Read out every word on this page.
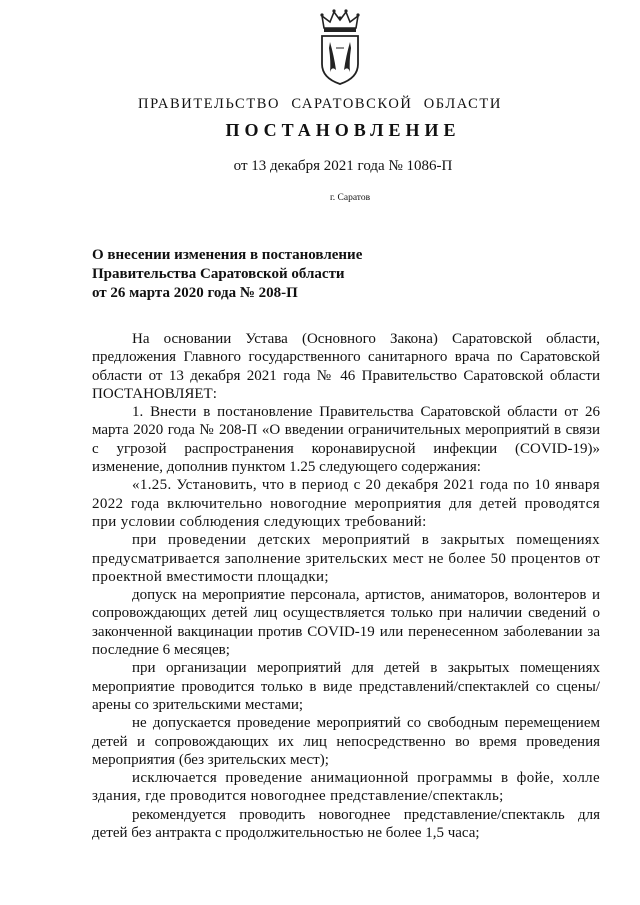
ПРАВИТЕЛЬСТВО САРАТОВСКОЙ ОБЛАСТИ
ПОСТАНОВЛЕНИЕ
от 13 декабря 2021 года № 1086-П
г. Саратов
О внесении изменения в постановление
Правительства Саратовской области
от 26 марта 2020 года № 208-П

На основании Устава (Основного Закона) Саратовской области, предложения Главного государственного санитарного врача по Саратовской области от 13 декабря 2021 года № 46 Правительство Саратовской области ПОСТАНОВЛЯЕТ:

1. Внести в постановление Правительства Саратовской области от 26 марта 2020 года № 208-П «О введении ограничительных мероприятий в связи с угрозой распространения коронавирусной инфекции (COVID-19)» изменение, дополнив пунктом 1.25 следующего содержания:

«1.25. Установить, что в период с 20 декабря 2021 года по 10 января 2022 года включительно новогодние мероприятия для детей проводятся при условии соблюдения следующих требований:

при проведении детских мероприятий в закрытых помещениях предусматривается заполнение зрительских мест не более 50 процентов от проектной вместимости площадки;

допуск на мероприятие персонала, артистов, аниматоров, волонтеров и сопровождающих детей лиц осуществляется только при наличии сведений о законченной вакцинации против COVID-19 или перенесенном заболевании за последние 6 месяцев;

при организации мероприятий для детей в закрытых помещениях мероприятие проводится только в виде представлений/спектаклей со сцены/арены со зрительскими местами;

не допускается проведение мероприятий со свободным перемещением детей и сопровождающих их лиц непосредственно во время проведения мероприятия (без зрительских мест);

исключается проведение анимационной программы в фойе, холле здания, где проводится новогоднее представление/спектакль;

рекомендуется проводить новогоднее представление/спектакль для детей без антракта с продолжительностью не более 1,5 часа;
